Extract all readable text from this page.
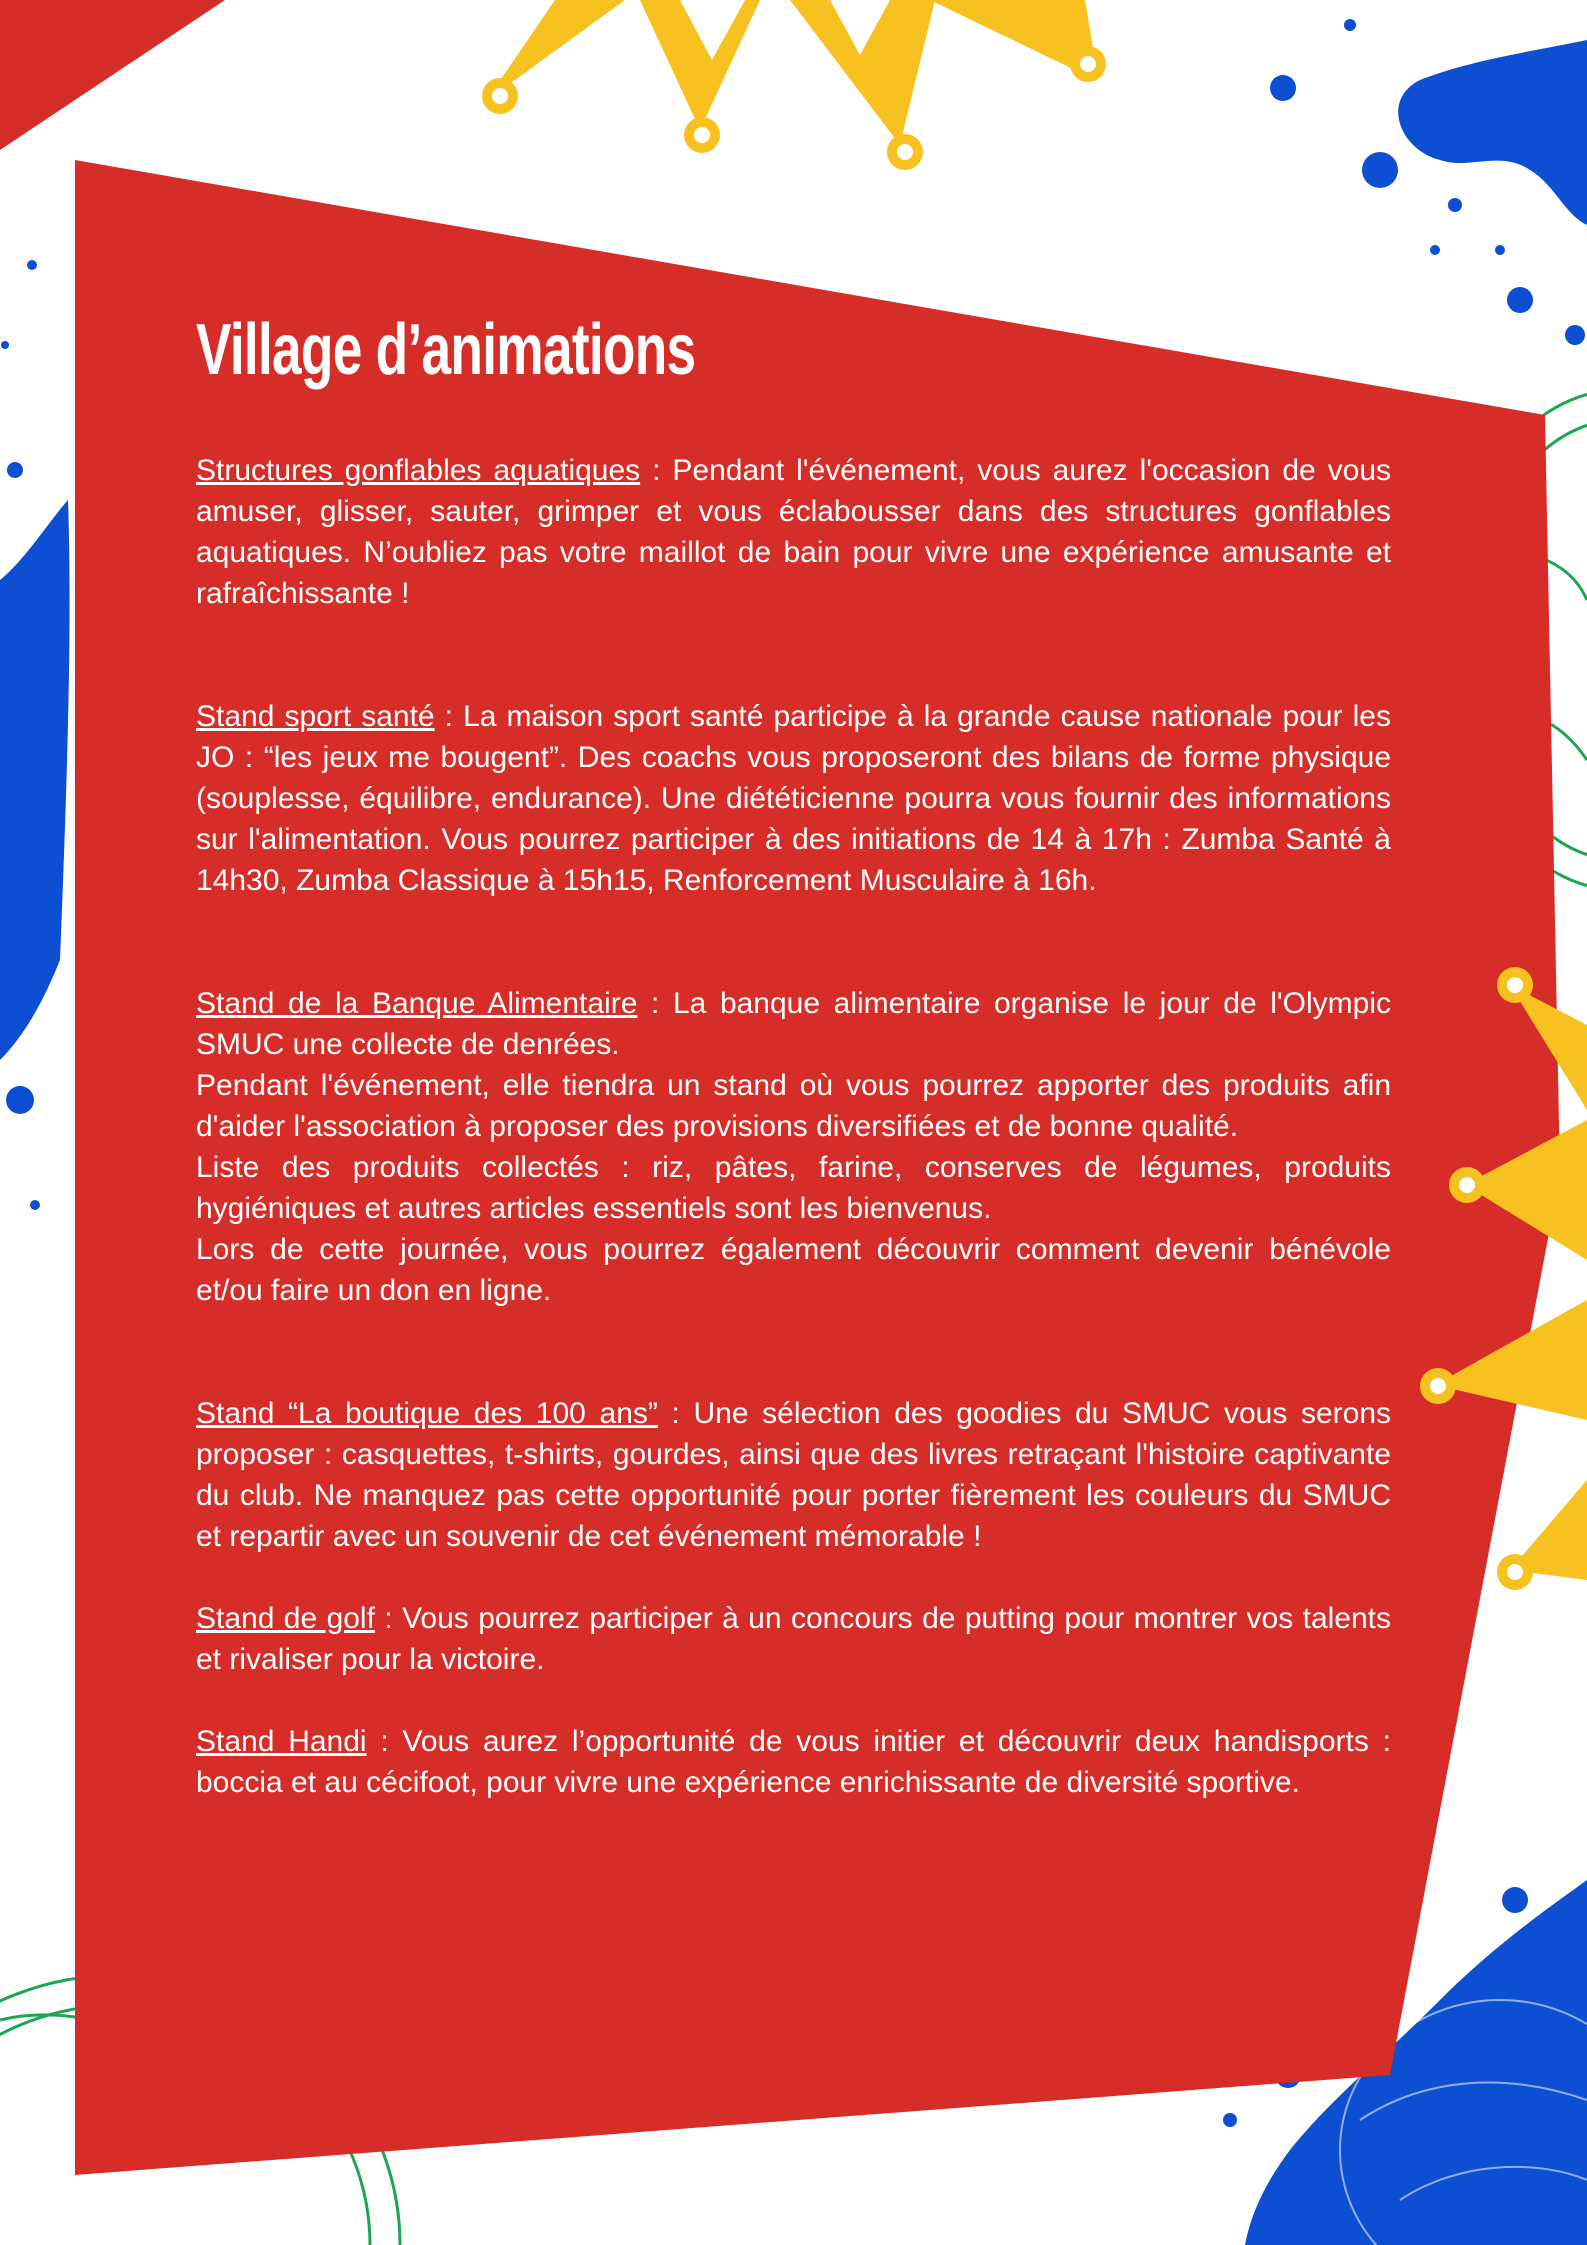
Village d’animations

Structures gonflables aquatiques : Pendant l'événement, vous aurez l'occasion de vous amuser, glisser, sauter, grimper et vous éclabousser dans des structures gonflables aquatiques. N’oubliez pas votre maillot de bain pour vivre une expérience amusante et rafraîchissante !

Stand sport santé : La maison sport santé participe à la grande cause nationale pour les JO : “les jeux me bougent”. Des coachs vous proposeront des bilans de forme physique (souplesse, équilibre, endurance). Une diététicienne pourra vous fournir des informations sur l'alimentation. Vous pourrez participer à des initiations de 14 à 17h : Zumba Santé à 14h30, Zumba Classique à 15h15, Renforcement Musculaire à 16h.

Stand de la Banque Alimentaire : La banque alimentaire organise le jour de l'Olympic SMUC une collecte de denrées.

Pendant l'événement, elle tiendra un stand où vous pourrez apporter des produits afin d'aider l'association à proposer des provisions diversifiées et de bonne qualité.

Liste des produits collectés : riz, pâtes, farine, conserves de légumes, produits hygiéniques et autres articles essentiels sont les bienvenus.

Lors de cette journée, vous pourrez également découvrir comment devenir bénévole et/ou faire un don en ligne.

Stand “La boutique des 100 ans” : Une sélection des goodies du SMUC vous serons proposer : casquettes, t-shirts, gourdes, ainsi que des livres retraçant l'histoire captivante du club. Ne manquez pas cette opportunité pour porter fièrement les couleurs du SMUC et repartir avec un souvenir de cet événement mémorable !

Stand de golf : Vous pourrez participer à un concours de putting pour montrer vos talents et rivaliser pour la victoire.

Stand Handi : Vous aurez l’opportunité de vous initier et découvrir deux handisports : boccia et au cécifoot, pour vivre une expérience enrichissante de diversité sportive.
